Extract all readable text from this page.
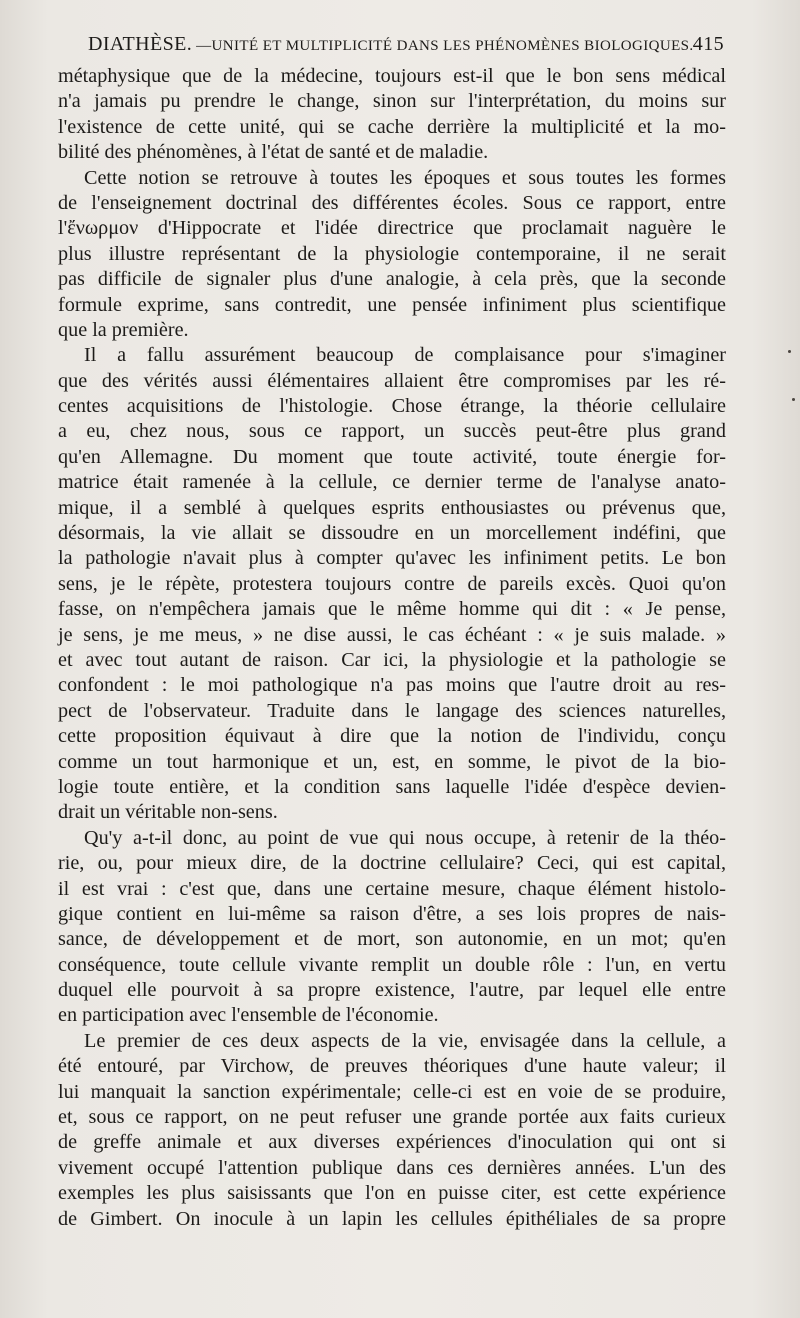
DIATHÈSE. —UNITÉ ET MULTIPLICITÉ DANS LES PHÉNOMÈNES BIOLOGIQUES. 415
métaphysique que de la médecine, toujours est-il que le bon sens médical
n'a jamais pu prendre le change, sinon sur l'interprétation, du moins sur
l'existence de cette unité, qui se cache derrière la multiplicité et la mo-
bilité des phénomènes, à l'état de santé et de maladie.
Cette notion se retrouve à toutes les époques et sous toutes les formes
de l'enseignement doctrinal des différentes écoles. Sous ce rapport, entre
l'ἔνωρμον d'Hippocrate et l'idée directrice que proclamait naguère le
plus illustre représentant de la physiologie contemporaine, il ne serait
pas difficile de signaler plus d'une analogie, à cela près, que la seconde
formule exprime, sans contredit, une pensée infiniment plus scientifique
que la première.
Il a fallu assurément beaucoup de complaisance pour s'imaginer
que des vérités aussi élémentaires allaient être compromises par les ré-
centes acquisitions de l'histologie. Chose étrange, la théorie cellulaire
a eu, chez nous, sous ce rapport, un succès peut-être plus grand
qu'en Allemagne. Du moment que toute activité, toute énergie for-
matrice était ramenée à la cellule, ce dernier terme de l'analyse anato-
mique, il a semblé à quelques esprits enthousiastes ou prévenus que,
désormais, la vie allait se dissoudre en un morcellement indéfini, que
la pathologie n'avait plus à compter qu'avec les infiniment petits. Le bon
sens, je le répète, protestera toujours contre de pareils excès. Quoi qu'on
fasse, on n'empêchera jamais que le même homme qui dit : « Je pense,
je sens, je me meus, » ne dise aussi, le cas échéant : « je suis malade. »
et avec tout autant de raison. Car ici, la physiologie et la pathologie se
confondent : le moi pathologique n'a pas moins que l'autre droit au res-
pect de l'observateur. Traduite dans le langage des sciences naturelles,
cette proposition équivaut à dire que la notion de l'individu, conçu
comme un tout harmonique et un, est, en somme, le pivot de la bio-
logie toute entière, et la condition sans laquelle l'idée d'espèce devien-
drait un véritable non-sens.
Qu'y a-t-il donc, au point de vue qui nous occupe, à retenir de la théo-
rie, ou, pour mieux dire, de la doctrine cellulaire? Ceci, qui est capital,
il est vrai : c'est que, dans une certaine mesure, chaque élément histolo-
gique contient en lui-même sa raison d'être, a ses lois propres de nais-
sance, de développement et de mort, son autonomie, en un mot; qu'en
conséquence, toute cellule vivante remplit un double rôle : l'un, en vertu
duquel elle pourvoit à sa propre existence, l'autre, par lequel elle entre
en participation avec l'ensemble de l'économie.
Le premier de ces deux aspects de la vie, envisagée dans la cellule, a
été entouré, par Virchow, de preuves théoriques d'une haute valeur; il
lui manquait la sanction expérimentale; celle-ci est en voie de se produire,
et, sous ce rapport, on ne peut refuser une grande portée aux faits curieux
de greffe animale et aux diverses expériences d'inoculation qui ont si
vivement occupé l'attention publique dans ces dernières années. L'un des
exemples les plus saisissants que l'on en puisse citer, est cette expérience
de Gimbert. On inocule à un lapin les cellules épithéliales de sa propre
